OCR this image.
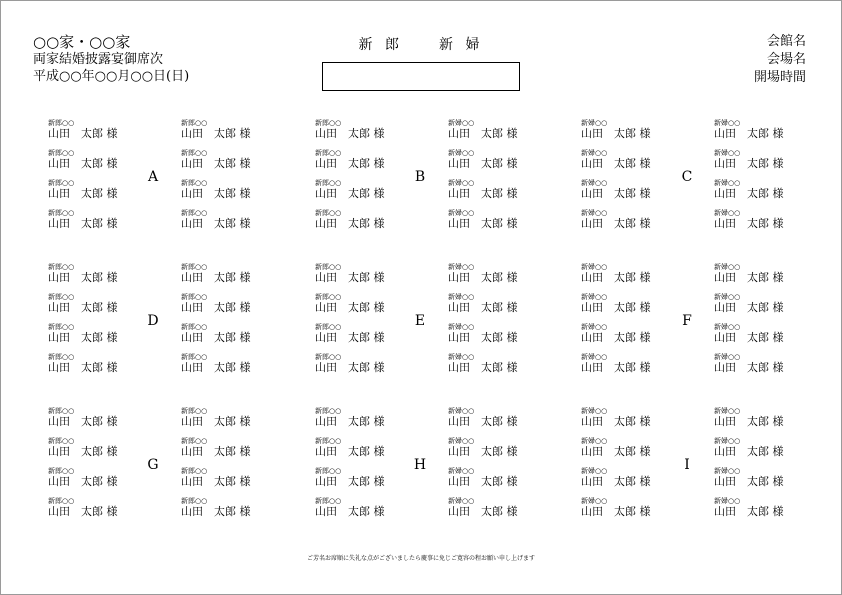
○○家・○○家
両家結婚披露宴御席次
平成○○年○○月○○日(日)
新 郎　　新 婦	会館名
会場名
開場時間
新郎○○
山田　太郎 様
新郎○○
山田　太郎 様
新郎○○
山田　太郎 様
新郎○○
山田　太郎 様
新郎○○
山田　太郎 様
新郎○○
山田　太郎 様
新郎○○
山田　太郎 様
新郎○○
山田　太郎 様
A
新郎○○
山田　太郎 様
新郎○○
山田　太郎 様
新郎○○
山田　太郎 様
新郎○○
山田　太郎 様
新婦○○
山田　太郎 様
新婦○○
山田　太郎 様
新婦○○
山田　太郎 様
新婦○○
山田　太郎 様
B
新婦○○
山田　太郎 様
新婦○○
山田　太郎 様
新婦○○
山田　太郎 様
新婦○○
山田　太郎 様
新婦○○
山田　太郎 様
新婦○○
山田　太郎 様
新婦○○
山田　太郎 様
新婦○○
山田　太郎 様
C
新郎○○
山田　太郎 様
新郎○○
山田　太郎 様
新郎○○
山田　太郎 様
新郎○○
山田　太郎 様
新郎○○
山田　太郎 様
新郎○○
山田　太郎 様
新郎○○
山田　太郎 様
新郎○○
山田　太郎 様
D
新郎○○
山田　太郎 様
新郎○○
山田　太郎 様
新郎○○
山田　太郎 様
新郎○○
山田　太郎 様
新婦○○
山田　太郎 様
新婦○○
山田　太郎 様
新婦○○
山田　太郎 様
新婦○○
山田　太郎 様
E
新婦○○
山田　太郎 様
新婦○○
山田　太郎 様
新婦○○
山田　太郎 様
新婦○○
山田　太郎 様
新婦○○
山田　太郎 様
新婦○○
山田　太郎 様
新婦○○
山田　太郎 様
新婦○○
山田　太郎 様
F
新郎○○
山田　太郎 様
新郎○○
山田　太郎 様
新郎○○
山田　太郎 様
新郎○○
山田　太郎 様
新郎○○
山田　太郎 様
新郎○○
山田　太郎 様
新郎○○
山田　太郎 様
新郎○○
山田　太郎 様
G
新郎○○
山田　太郎 様
新郎○○
山田　太郎 様
新郎○○
山田　太郎 様
新郎○○
山田　太郎 様
新婦○○
山田　太郎 様
新婦○○
山田　太郎 様
新婦○○
山田　太郎 様
新婦○○
山田　太郎 様
H
新婦○○
山田　太郎 様
新婦○○
山田　太郎 様
新婦○○
山田　太郎 様
新婦○○
山田　太郎 様
新婦○○
山田　太郎 様
新婦○○
山田　太郎 様
新婦○○
山田　太郎 様
新婦○○
山田　太郎 様
I
ご芳名お席順に失礼な点がございましたら慶事に免じご寛容の程お願い申し上げます
